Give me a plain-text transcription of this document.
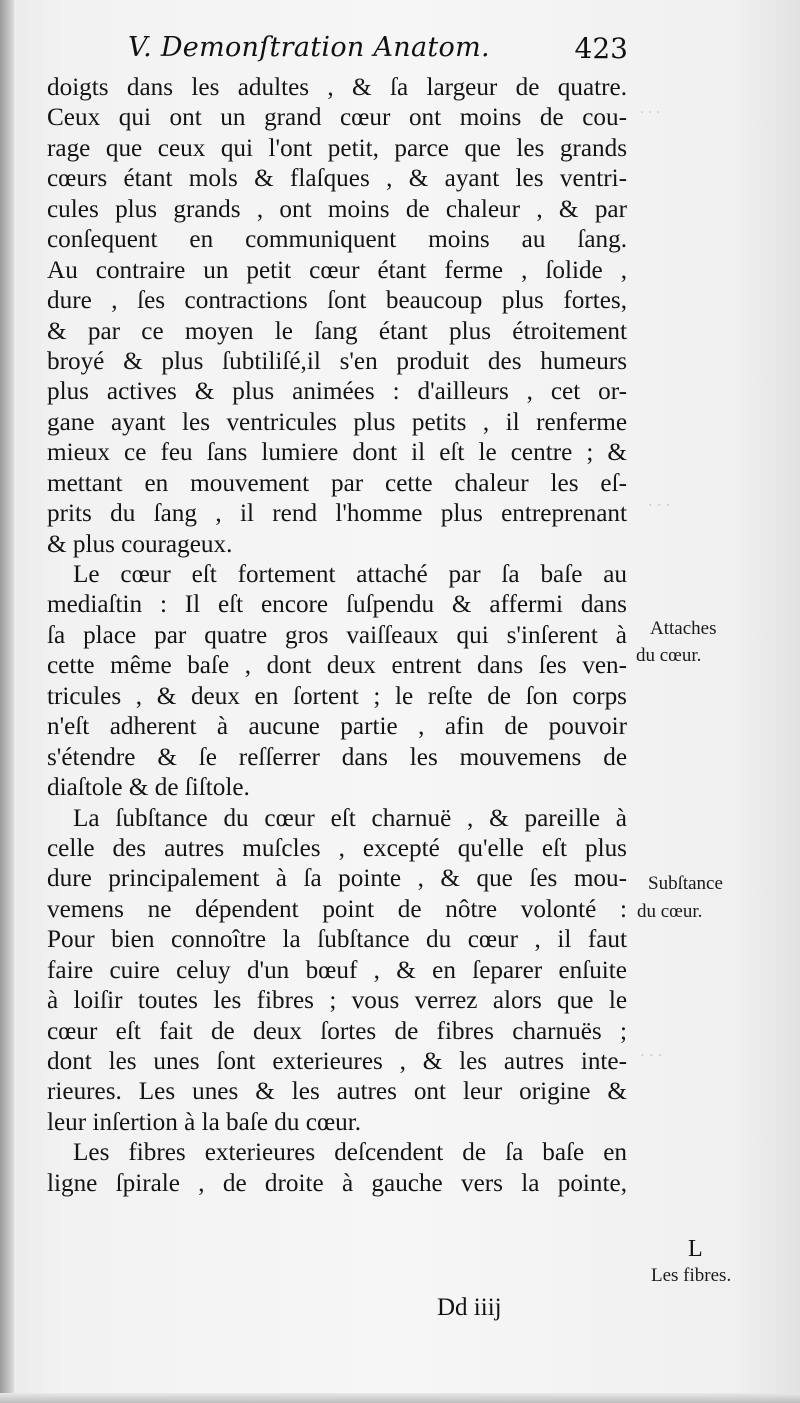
. . .
. . .
. . .
V. Demonſtration Anatom.	423
doigts dans les adultes , & ſa largeur de quatre.
Ceux qui ont un grand cœur ont moins de cou-
rage que ceux qui l'ont petit, parce que les grands
cœurs étant mols & flaſques , & ayant les ventri-
cules plus grands , ont moins de chaleur , & par
conſequent en communiquent moins au ſang.
Au contraire un petit cœur étant ferme , ſolide ,
dure , ſes contractions ſont beaucoup plus fortes,
& par ce moyen le ſang étant plus étroitement
broyé & plus ſubtiliſé,il s'en produit des humeurs
plus actives & plus animées : d'ailleurs , cet or-
gane ayant les ventricules plus petits , il renferme
mieux ce feu ſans lumiere dont il eſt le centre ; &
mettant en mouvement par cette chaleur les eſ-
prits du ſang , il rend l'homme plus entreprenant
& plus courageux.
Le cœur eſt fortement attaché par ſa baſe au
mediaſtin : Il eſt encore ſuſpendu & affermi dans
ſa place par quatre gros vaiſſeaux qui s'inſerent à
cette même baſe , dont deux entrent dans ſes ven-
tricules , & deux en ſortent ; le reſte de ſon corps
n'eſt adherent à aucune partie , afin de pouvoir
s'étendre & ſe reſſerrer dans les mouvemens de
diaſtole & de ſiſtole.
La ſubſtance du cœur eſt charnuë , & pareille à
celle des autres muſcles , excepté qu'elle eſt plus
dure principalement à ſa pointe , & que ſes mou-
vemens ne dépendent point de nôtre volonté :
Pour bien connoître la ſubſtance du cœur , il faut
faire cuire celuy d'un bœuf , & en ſeparer enſuite
à loiſir toutes les fibres ; vous verrez alors que le
cœur eſt fait de deux ſortes de fibres charnuës ;
dont les unes ſont exterieures , & les autres inte-
rieures. Les unes & les autres ont leur origine &
leur inſertion à la baſe du cœur.
Les fibres exterieures deſcendent de ſa baſe en
ligne ſpirale , de droite à gauche vers la pointe,
Attaches
du cœur.
Subſtance
du cœur.
Les fibres.
L
Dd iiij
